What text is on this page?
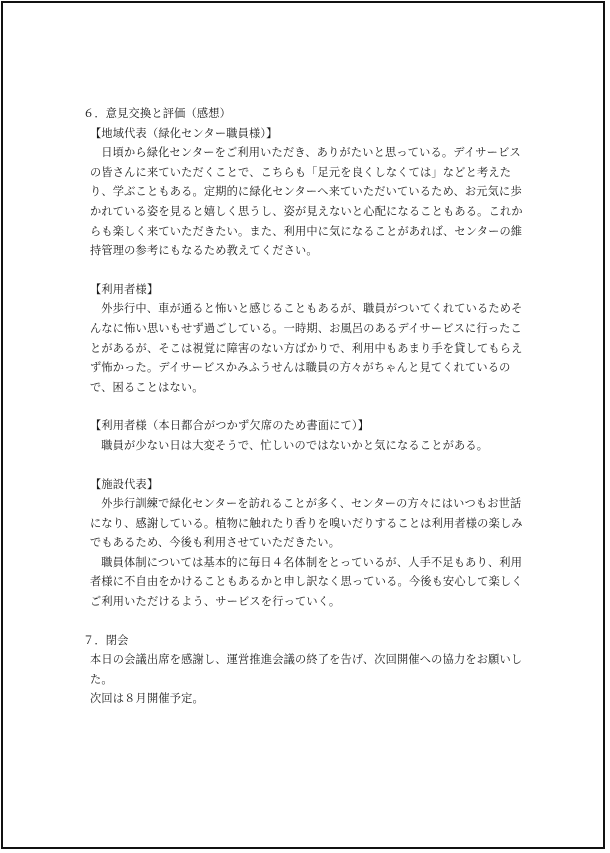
６．意見交換と評価（感想）

【地域代表（緑化センター職員様）】

日頃から緑化センターをご利用いただき、ありがたいと思っている。デイサービスの皆さんに来ていただくことで、こちらも「足元を良くしなくては」などと考えたり、学ぶこともある。定期的に緑化センターへ来ていただいているため、お元気に歩かれている姿を見ると嬉しく思うし、姿が見えないと心配になることもある。これからも楽しく来ていただきたい。また、利用中に気になることがあれば、センターの維持管理の参考にもなるため教えてください。

【利用者様】

外歩行中、車が通ると怖いと感じることもあるが、職員がついてくれているためそんなに怖い思いもせず過ごしている。一時期、お風呂のあるデイサービスに行ったことがあるが、そこは視覚に障害のない方ばかりで、利用中もあまり手を貸してもらえず怖かった。デイサービスかみふうせんは職員の方々がちゃんと見てくれているので、困ることはない。

【利用者様（本日都合がつかず欠席のため書面にて）】

職員が少ない日は大変そうで、忙しいのではないかと気になることがある。

【施設代表】

外歩行訓練で緑化センターを訪れることが多く、センターの方々にはいつもお世話になり、感謝している。植物に触れたり香りを嗅いだりすることは利用者様の楽しみでもあるため、今後も利用させていただきたい。

職員体制については基本的に毎日４名体制をとっているが、人手不足もあり、利用者様に不自由をかけることもあるかと申し訳なく思っている。今後も安心して楽しくご利用いただけるよう、サービスを行っていく。

７．閉会

本日の会議出席を感謝し、運営推進会議の終了を告げ、次回開催への協力をお願いした。

次回は８月開催予定。
